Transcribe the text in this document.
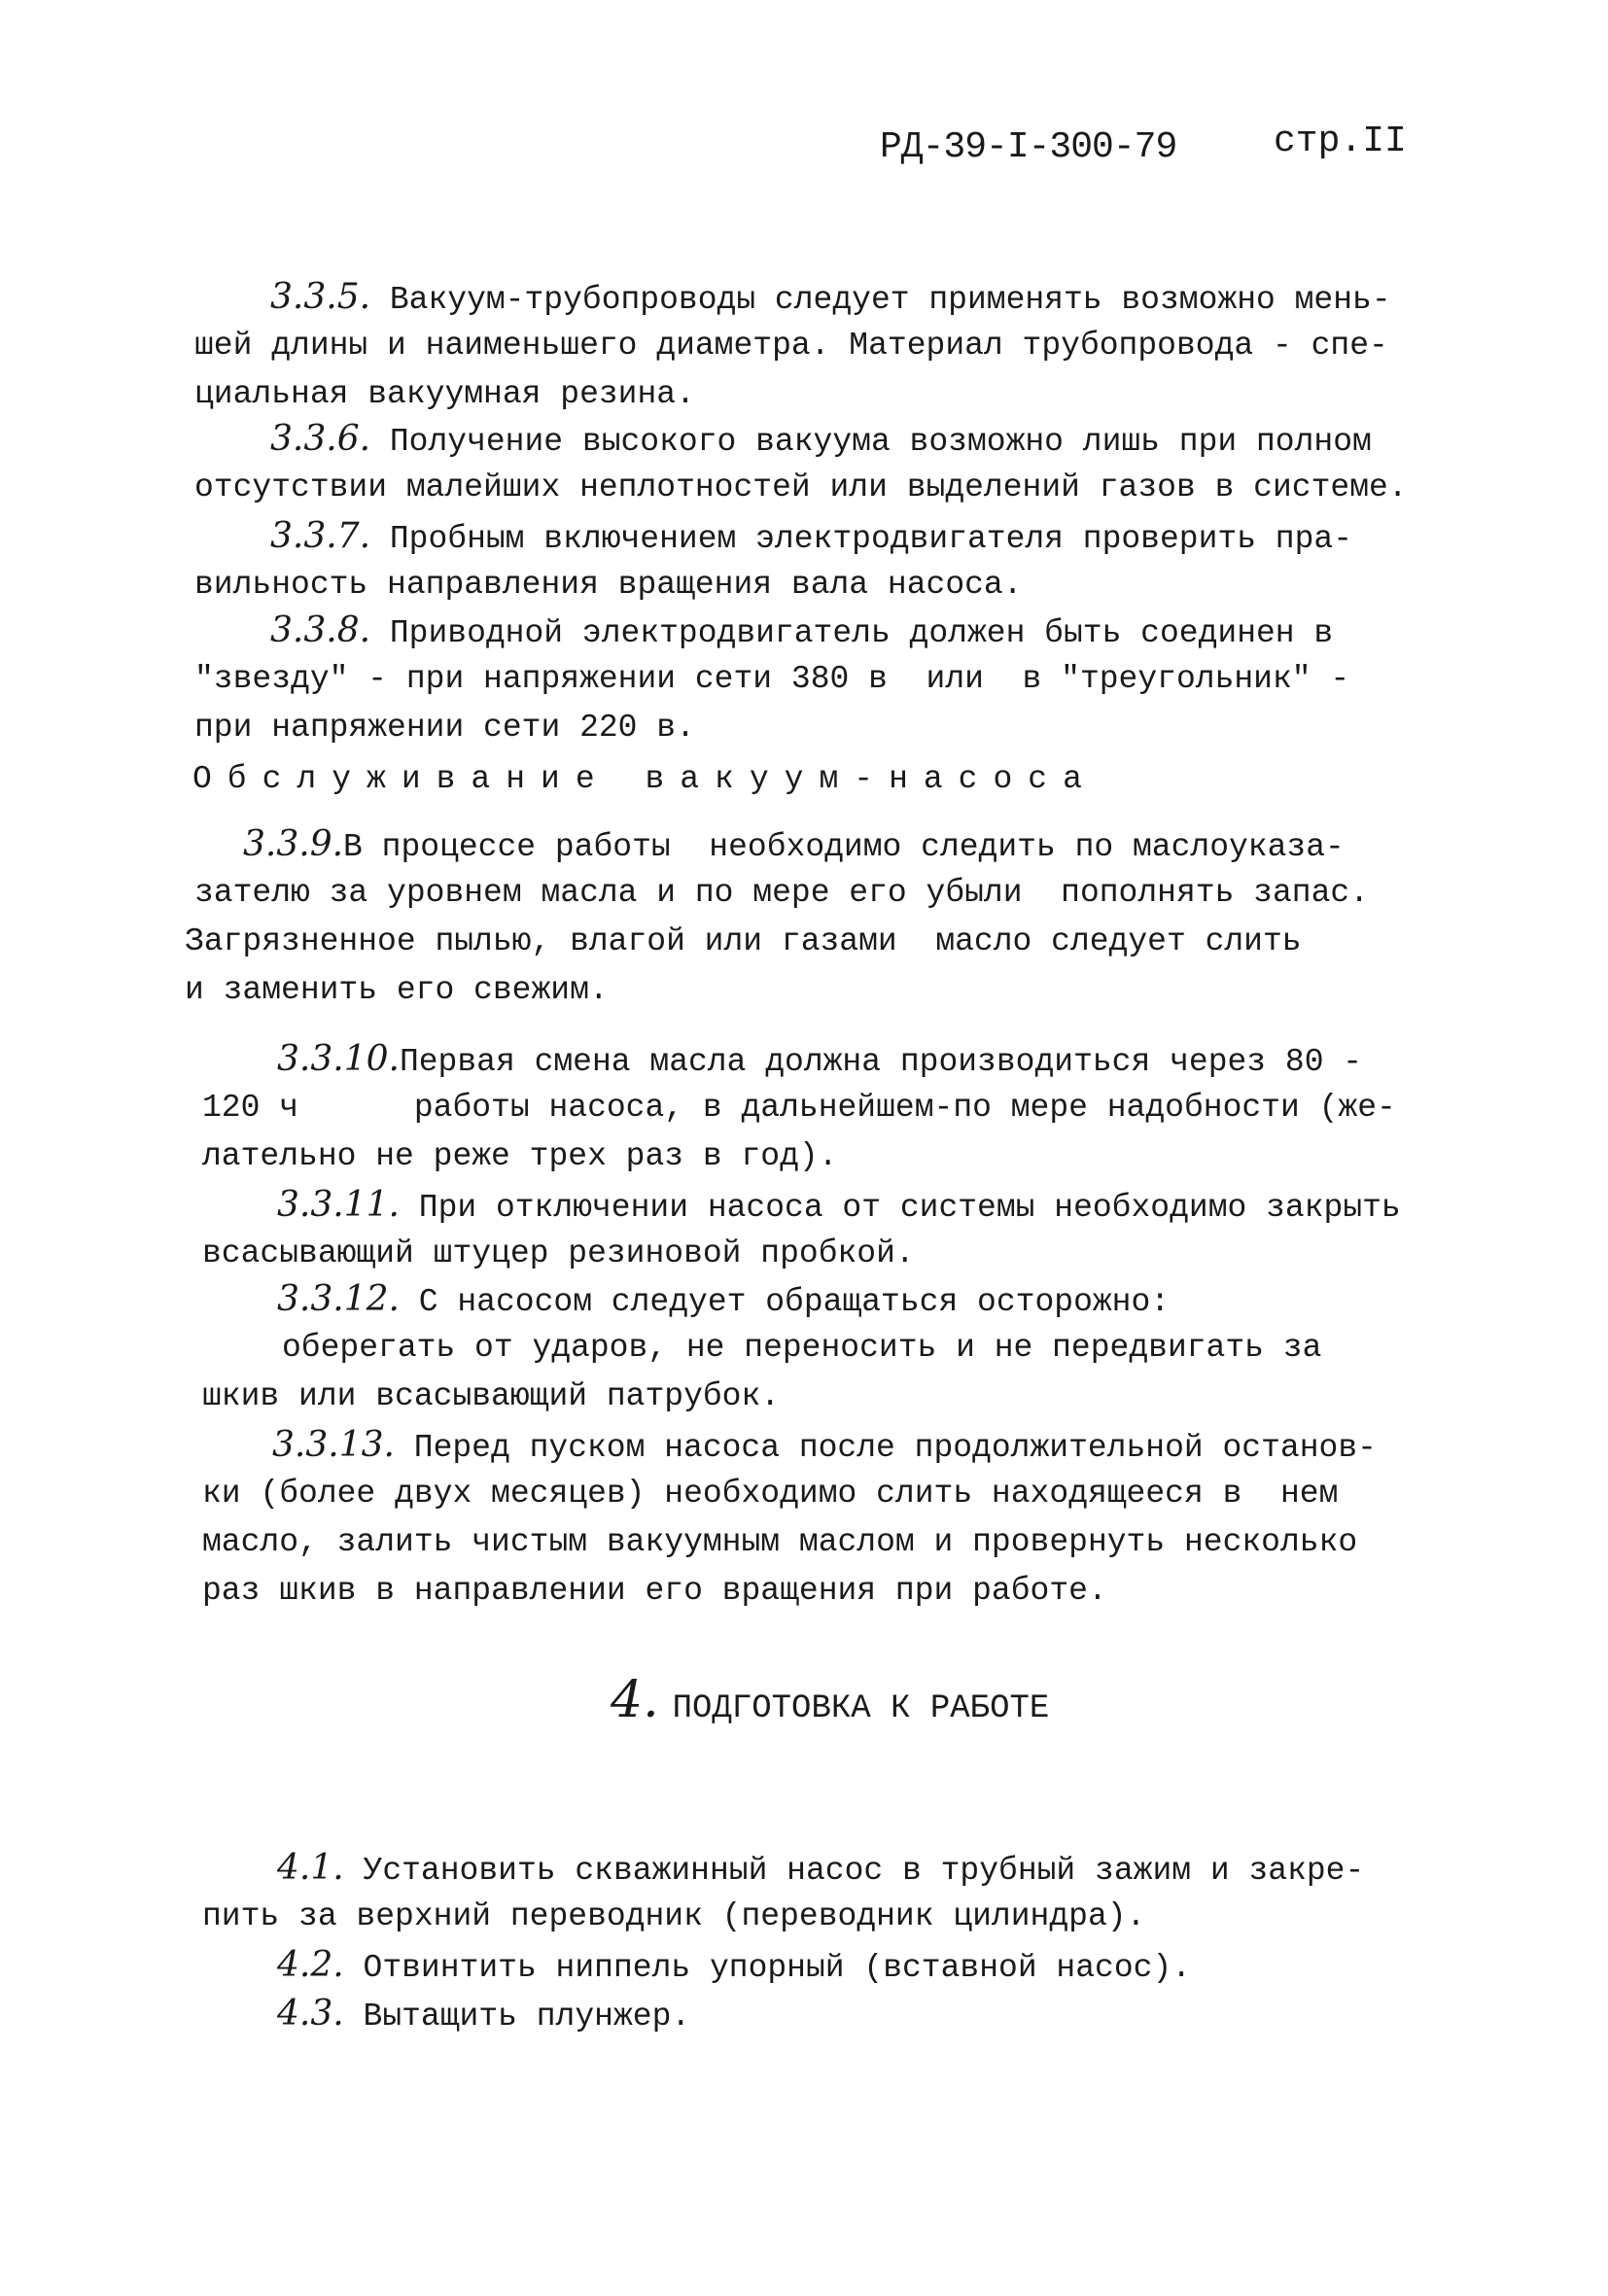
РД-39-I-300-79	стр.II
3.3.5. Вакуум-трубопроводы следует применять возможно мень-
шей длины и наименьшего диаметра. Материал трубопровода - спе-
циальная вакуумная резина.
3.3.6. Получение высокого вакуума возможно лишь при полном
отсутствии малейших неплотностей или выделений газов в системе.
3.3.7. Пробным включением электродвигателя проверить пра-
вильность направления вращения вала насоса.
3.3.8. Приводной электродвигатель должен быть соединен в
"звезду" - при напряжении сети 380 в  или  в "треугольник" -
при напряжении сети 220 в.
Обслуживание вакуум-насоса
3.3.9.В процессе работы  необходимо следить по маслоуказа-
зателю за уровнем масла и по мере его убыли  пополнять запас.
Загрязненное пылью, влагой или газами  масло следует слить
и заменить его свежим.
3.3.10.Первая смена масла должна производиться через 80 -
120 ч      работы насоса, в дальнейшем-по мере надобности (же-
лательно не реже трех раз в год).
3.3.11. При отключении насоса от системы необходимо закрыть
всасывающий штуцер резиновой пробкой.
3.3.12. С насосом следует обращаться осторожно:
оберегать от ударов, не переносить и не передвигать за
шкив или всасывающий патрубок.
3.3.13. Перед пуском насоса после продолжительной останов-
ки (более двух месяцев) необходимо слить находящееся в  нем
масло, залить чистым вакуумным маслом и провернуть несколько
раз шкив в направлении его вращения при работе.
4. ПОДГОТОВКА К РАБОТЕ
4.1. Установить скважинный насос в трубный зажим и закре-
пить за верхний переводник (переводник цилиндра).
4.2. Отвинтить ниппель упорный (вставной насос).
4.3. Вытащить плунжер.
